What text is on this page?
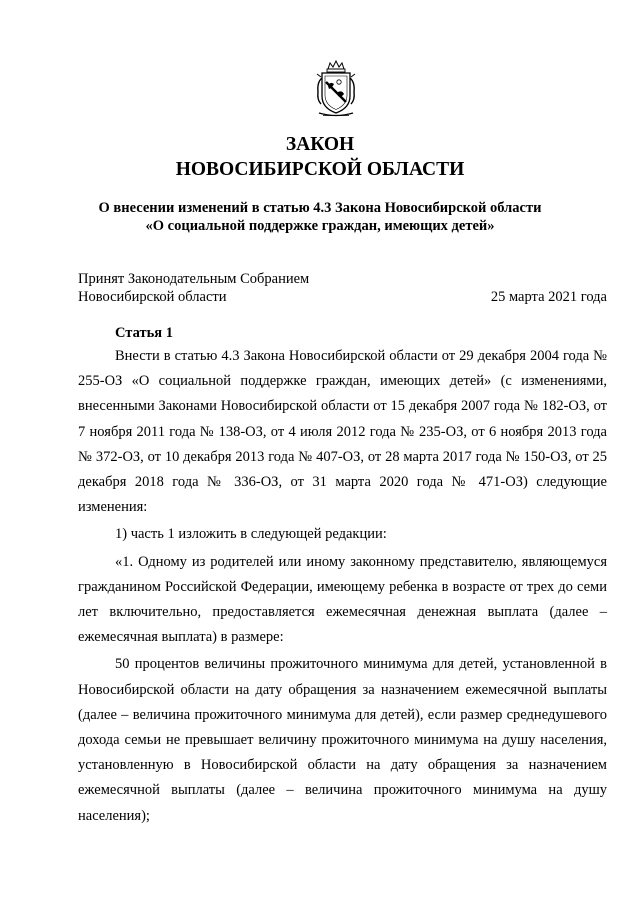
ЗАКОН
НОВОСИБИРСКОЙ ОБЛАСТИ
О внесении изменений в статью 4.3 Закона Новосибирской области
«О социальной поддержке граждан, имеющих детей»
Принят Законодательным Собранием
Новосибирской области	25 марта 2021 года
Статья 1

Внести в статью 4.3 Закона Новосибирской области от 29 декабря 2004 года № 255-ОЗ «О социальной поддержке граждан, имеющих детей» (с изменениями, внесенными Законами Новосибирской области от 15 декабря 2007 года № 182-ОЗ, от 7 ноября 2011 года № 138-ОЗ, от 4 июля 2012 года № 235-ОЗ, от 6 ноября 2013 года № 372-ОЗ, от 10 декабря 2013 года № 407-ОЗ, от 28 марта 2017 года № 150-ОЗ, от 25 декабря 2018 года № 336-ОЗ, от 31 марта 2020 года № 471-ОЗ) следующие изменения:

1) часть 1 изложить в следующей редакции:

«1. Одному из родителей или иному законному представителю, являющемуся гражданином Российской Федерации, имеющему ребенка в возрасте от трех до семи лет включительно, предоставляется ежемесячная денежная выплата (далее – ежемесячная выплата) в размере:

50 процентов величины прожиточного минимума для детей, установленной в Новосибирской области на дату обращения за назначением ежемесячной выплаты (далее – величина прожиточного минимума для детей), если размер среднедушевого дохода семьи не превышает величину прожиточного минимума на душу населения, установленную в Новосибирской области на дату обращения за назначением ежемесячной выплаты (далее – величина прожиточного минимума на душу населения);
